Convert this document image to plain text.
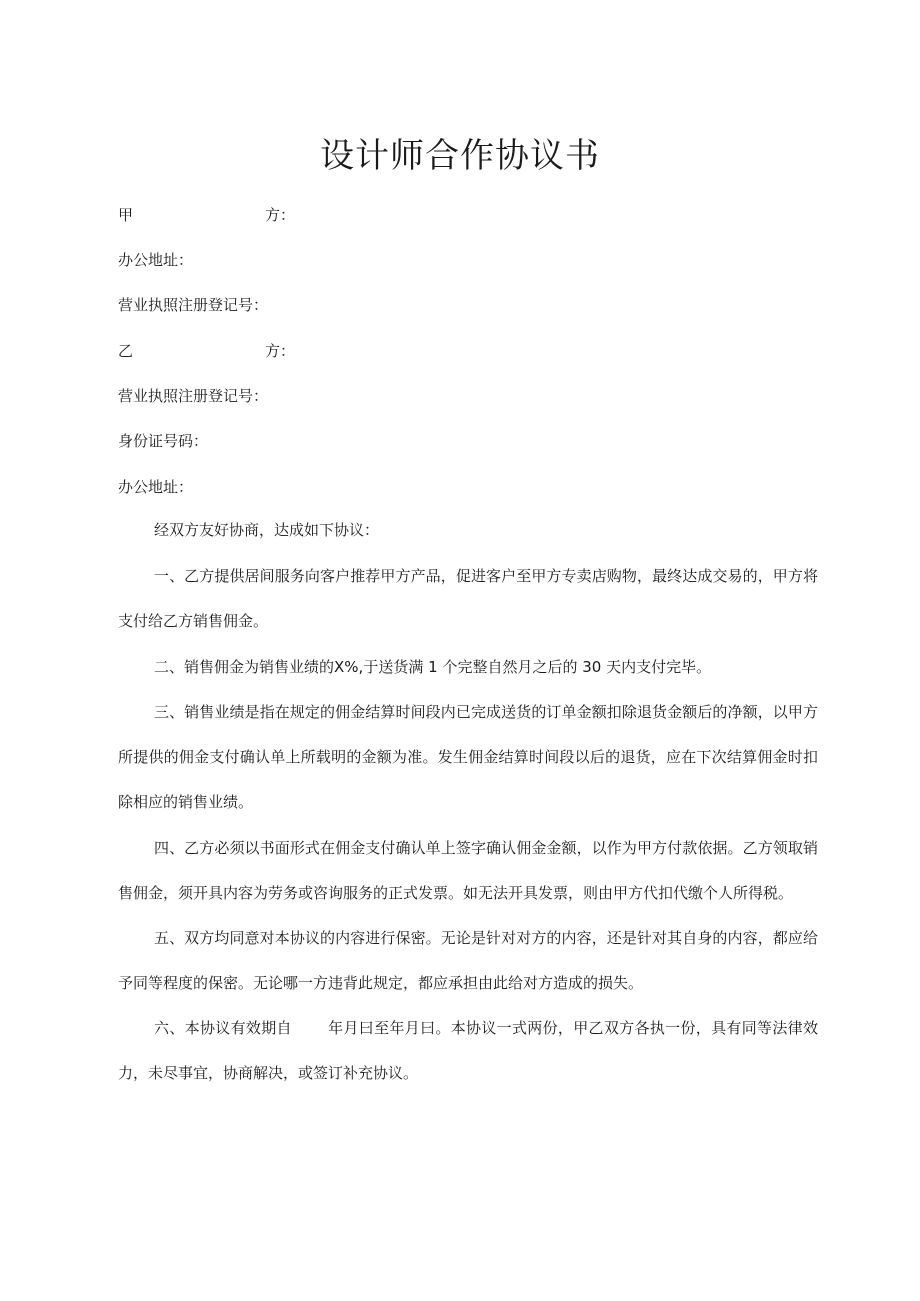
设计师合作协议书

甲	方：

办公地址：

营业执照注册登记号：

乙	方：

营业执照注册登记号：

身份证号码：

办公地址：

经双方友好协商，达成如下协议：

一、乙方提供居间服务向客户推荐甲方产品，促进客户至甲方专卖店购物，最终达成交易的，甲方将支付给乙方销售佣金。

二、销售佣金为销售业绩的X%,于送货满 1 个完整自然月之后的 30 天内支付完毕。

三、销售业绩是指在规定的佣金结算时间段内已完成送货的订单金额扣除退货金额后的净额，以甲方所提供的佣金支付确认单上所载明的金额为准。发生佣金结算时间段以后的退货，应在下次结算佣金时扣除相应的销售业绩。

四、乙方必须以书面形式在佣金支付确认单上签字确认佣金金额，以作为甲方付款依据。乙方领取销售佣金，须开具内容为劳务或咨询服务的正式发票。如无法开具发票，则由甲方代扣代缴个人所得税。

五、双方均同意对本协议的内容进行保密。无论是针对对方的内容，还是针对其自身的内容，都应给予同等程度的保密。无论哪一方违背此规定，都应承担由此给对方造成的损失。

六、本协议有效期自 年月曰至年月曰。本协议一式两份，甲乙双方各执一份，具有同等法律效力，未尽事宜，协商解决，或签订补充协议。
